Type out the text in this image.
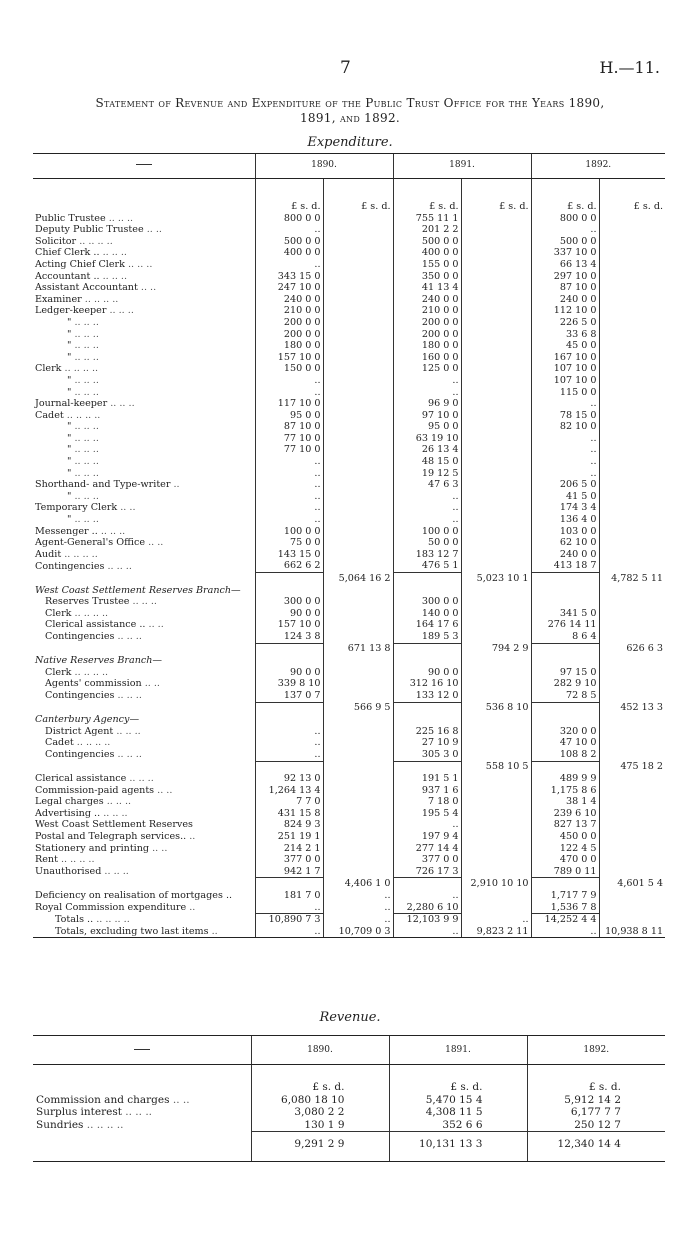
7	H.—11.
Statement of Revenue and Expenditure of the Public Trust Office for the Years 1890,
1891, and 1892.
Expenditure.
	1890.		1891.		1892.	
	£ s. d.	£ s. d.	£ s. d.	£ s. d.	£ s. d.	£ s. d.
Public Trustee .. .. ..	800 0 0		755 11 1		800 0 0	
Deputy Public Trustee .. ..	..		201 2 2		..	
Solicitor .. .. .. ..	500 0 0		500 0 0		500 0 0	
Chief Clerk .. .. .. ..	400 0 0		400 0 0		337 10 0	
Acting Chief Clerk .. .. ..	..		155 0 0		66 13 4	
Accountant .. .. .. ..	343 15 0		350 0 0		297 10 0	
Assistant Accountant .. ..	247 10 0		41 13 4		87 10 0	
Examiner .. .. .. ..	240 0 0		240 0 0		240 0 0	
Ledger-keeper .. .. ..	210 0 0		210 0 0		112 10 0	
" .. .. ..	200 0 0		200 0 0		226 5 0	
" .. .. ..	200 0 0		200 0 0		33 6 8	
" .. .. ..	180 0 0		180 0 0		45 0 0	
" .. .. ..	157 10 0		160 0 0		167 10 0	
Clerk .. .. .. ..	150 0 0		125 0 0		107 10 0	
" .. .. ..	..		..		107 10 0	
" .. .. ..	..		..		115 0 0	
Journal-keeper .. .. ..	117 10 0		96 9 0		..	
Cadet .. .. .. ..	95 0 0		97 10 0		78 15 0	
" .. .. ..	87 10 0		95 0 0		82 10 0	
" .. .. ..	77 10 0		63 19 10		..	
" .. .. ..	77 10 0		26 13 4		..	
" .. .. ..	..		48 15 0		..	
" .. .. ..	..		19 12 5		..	
Shorthand- and Type-writer ..	..		47 6 3		206 5 0	
" .. .. ..	..		..		41 5 0	
Temporary Clerk .. ..	..		..		174 3 4	
" .. .. ..	..		..		136 4 0	
Messenger .. .. .. ..	100 0 0		100 0 0		103 0 0	
Agent-General's Office .. ..	75 0 0		50 0 0		62 10 0	
Audit .. .. .. ..	143 15 0		183 12 7		240 0 0	
Contingencies .. .. ..	662 6 2		476 5 1		413 18 7	
		5,064 16 2		5,023 10 1		4,782 5 11
West Coast Settlement Reserves Branch—						
Reserves Trustee .. .. ..	300 0 0		300 0 0			
Clerk .. .. .. ..	90 0 0		140 0 0		341 5 0	
Clerical assistance .. .. ..	157 10 0		164 17 6		276 14 11	
Contingencies .. .. ..	124 3 8		189 5 3		8 6 4	
		671 13 8		794 2 9		626 6 3
Native Reserves Branch—						
Clerk .. .. .. ..	90 0 0		90 0 0		97 15 0	
Agents' commission .. ..	339 8 10		312 16 10		282 9 10	
Contingencies .. .. ..	137 0 7		133 12 0		72 8 5	
		566 9 5		536 8 10		452 13 3
Canterbury Agency—						
District Agent .. .. ..	..		225 16 8		320 0 0	
Cadet .. .. .. ..	..		27 10 9		47 10 0	
Contingencies .. .. ..	..		305 3 0		108 8 2	
				558 10 5		475 18 2
Clerical assistance .. .. ..	92 13 0		191 5 1		489 9 9	
Commission-paid agents .. ..	1,264 13 4		937 1 6		1,175 8 6	
Legal charges .. .. ..	7 7 0		7 18 0		38 1 4	
Advertising .. .. .. ..	431 15 8		195 5 4		239 6 10	
West Coast Settlement Reserves	824 9 3		..		827 13 7	
Postal and Telegraph services.. ..	251 19 1		197 9 4		450 0 0	
Stationery and printing .. ..	214 2 1		277 14 4		122 4 5	
Rent .. .. .. ..	377 0 0		377 0 0		470 0 0	
Unauthorised .. .. ..	942 1 7		726 17 3		789 0 11	
		4,406 1 0		2,910 10 10		4,601 5 4
Deficiency on realisation of mortgages ..	181 7 0	..	..		1,717 7 9	
Royal Commission expenditure ..	..	..	2,280 6 10		1,536 7 8	
Totals .. .. .. .. ..	10,890 7 3	..	12,103 9 9	..	14,252 4 4	
Totals, excluding two last items ..	..	10,709 0 3	..	9,823 2 11	..	10,938 8 11
Revenue.
	1890.	1891.	1892.
	£ s. d.	£ s. d.	£ s. d.
Commission and charges .. ..	6,080 18 10	5,470 15 4	5,912 14 2
Surplus interest .. .. ..	3,080 2 2	4,308 11 5	6,177 7 7
Sundries .. .. .. ..	130 1 9	352 6 6	250 12 7
	9,291 2 9	10,131 13 3	12,340 14 4
